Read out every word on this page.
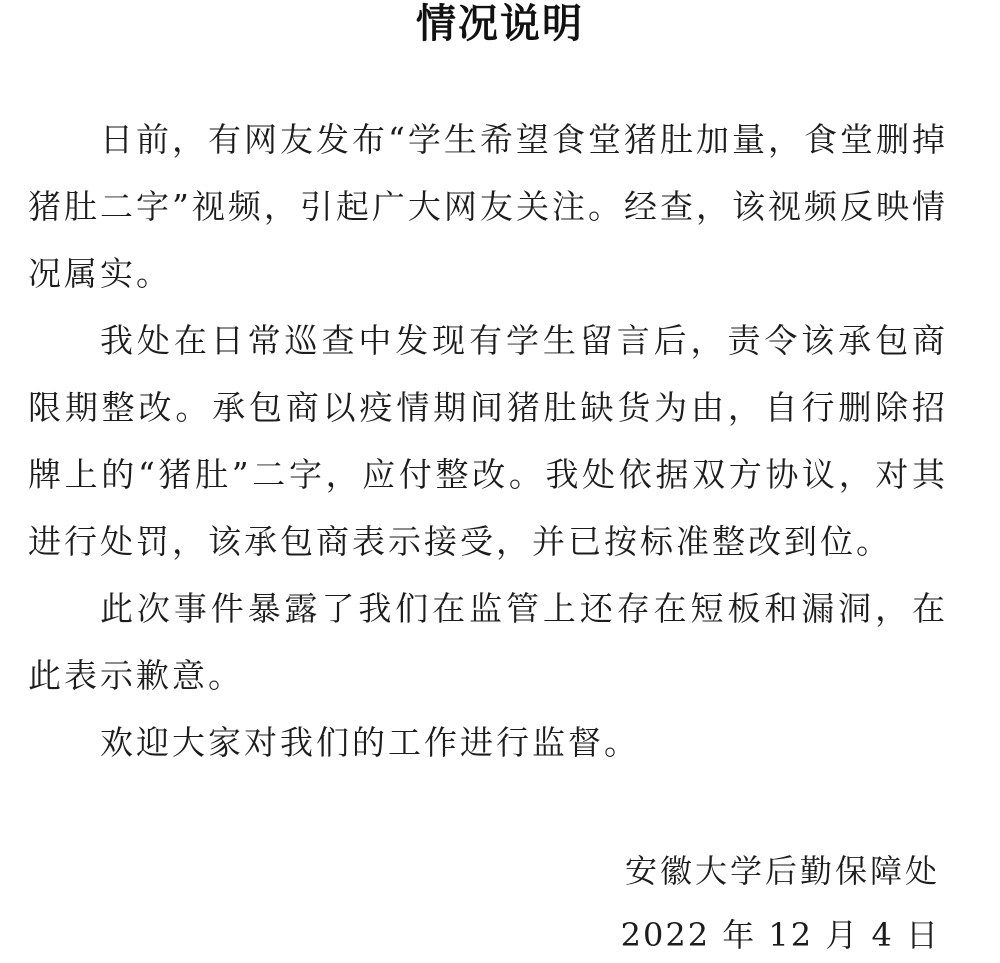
情况说明

日前，有网友发布“学生希望食堂猪肚加量，食堂删掉猪肚二字”视频，引起广大网友关注。经查，该视频反映情况属实。

我处在日常巡查中发现有学生留言后，责令该承包商限期整改。承包商以疫情期间猪肚缺货为由，自行删除招牌上的“猪肚”二字，应付整改。我处依据双方协议，对其进行处罚，该承包商表示接受，并已按标准整改到位。

此次事件暴露了我们在监管上还存在短板和漏洞，在此表示歉意。

欢迎大家对我们的工作进行监督。

安徽大学后勤保障处
2022 年 12 月 4 日
